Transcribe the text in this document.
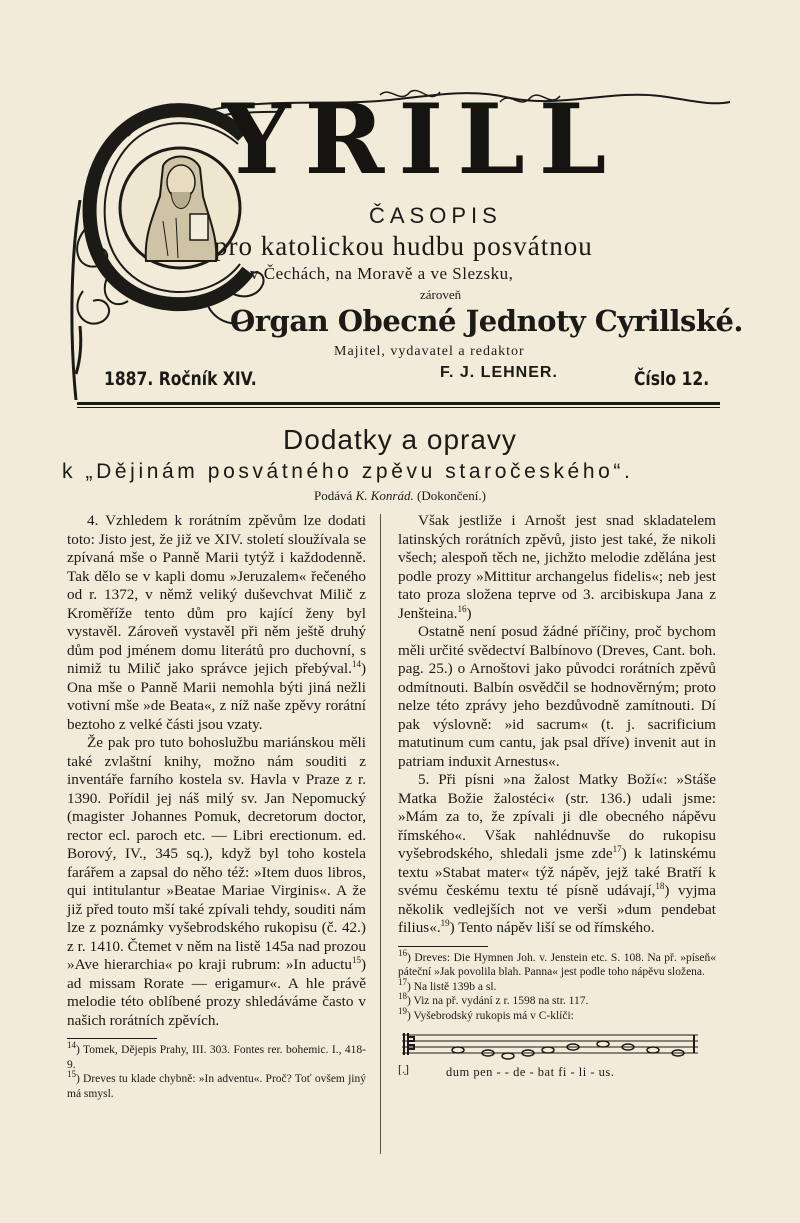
YRILL
ČASOPIS
pro katolickou hudbu posvátnou
v Čechách, na Moravě a ve Slezsku,
zároveň
Organ Obecné Jednoty Cyrillské.
Majitel, vydavatel a redaktor
1887. Ročník XIV.	F. J. LEHNER.	Číslo 12.
Dodatky a opravy
k „Dějinám posvátného zpěvu staročeského“.
Podává K. Konrád. (Dokončení.)

4. Vzhledem k rorátním zpěvům lze dodati toto: Jisto jest, že již ve XIV. století sloužívala se zpívaná mše o Panně Marii tytýž i každodenně. Tak dělo se v kapli domu »Jeruzalem« řečeného od r. 1372, v němž veliký duševchvat Milič z Kroměříže tento dům pro kající ženy byl vystavěl. Zároveň vystavěl při něm ještě druhý dům pod jménem domu literátů pro duchovní, s nimiž tu Milič jako správce jejich přebýval.$^{14}$) Ona mše o Panně Marii nemohla býti jiná nežli votivní mše »de Beata«, z níž naše zpěvy rorátní beztoho z velké části jsou vzaty.

Že pak pro tuto bohoslužbu mariánskou měli také zvlaštní knihy, možno nám souditi z inventáře farního kostela sv. Havla v Praze z r. 1390. Pořídil jej náš milý sv. Jan Nepomucký (magister Johannes Pomuk, decretorum doctor, rector ecl. paroch etc. — Libri erectionum. ed. Borový, IV., 345 sq.), když byl toho kostela farářem a zapsal do něho též: »Item duos libros, qui intitulantur »Beatae Mariae Virginis«. A že již před touto mší také zpívali tehdy, souditi nám lze z poznámky vyšebrodského rukopisu (č. 42.) z r. 1410. Čtemet v něm na listě 145a nad prozou »Ave hierarchia« po kraji rubrum: »In aductu$^{15}$) ad missam Rorate — erigamur«. A hle právě melodie této oblíbené prozy shledáváme často v našich rorátních zpěvích.

$^{14}$) Tomek, Dějepis Prahy, III. 303. Fontes rer. bohemic. I., 418-9.
$^{15}$) Dreves tu klade chybně: »In adventu«. Proč? Toť ovšem jiný má smysl.

Však jestliže i Arnošt jest snad skladatelem latinských rorátních zpěvů, jisto jest také, že nikoli všech; alespoň těch ne, jichžto melodie zdělána jest podle prozy »Mittitur archangelus fidelis«; neb jest tato proza složena teprve od 3. arcibiskupa Jana z Jenšteina.$^{16}$)

Ostatně není posud žádné příčiny, proč bychom měli určité svědectví Balbínovo (Dreves, Cant. boh. pag. 25.) o Arnoštovi jako původci rorátních zpěvů odmítnouti. Balbín osvědčil se hodnověrným; proto nelze této zprávy jeho bezdůvodně zamítnouti. Dí pak výslovně: »id sacrum« (t. j. sacrificium matutinum cum cantu, jak psal dříve) invenit aut in patriam induxit Arnestus«.

5. Při písni »na žalost Matky Boží«: »Stáše Matka Božie žalostéci« (str. 136.) udali jsme: »Mám za to, že zpívali ji dle obecného nápěvu římského«. Však nahlédnuvše do rukopisu vyšebrodského, shledali jsme zde$^{17}$) k latinskému textu »Stabat mater« týž nápěv, jejž také Bratří k svému českému textu té písně udávají,$^{18}$) vyjma několik vedlejších not ve verši »dum pendebat filius«.$^{19}$) Tento nápěv liší se od římského.

$^{16}$) Dreves: Die Hymnen Joh. v. Jenstein etc. S. 108. Na př. »píseň« páteční »Jak povolila blah. Panna« jest podle toho nápěvu složena.
$^{17}$) Na listě 139b a sl.
$^{18}$) Viz na př. vydání z r. 1598 na str. 117.
$^{19}$) Vyšebrodský rukopis má v C-klíči:
[.̣]	dum pen - - de - bat fi - li - us.
